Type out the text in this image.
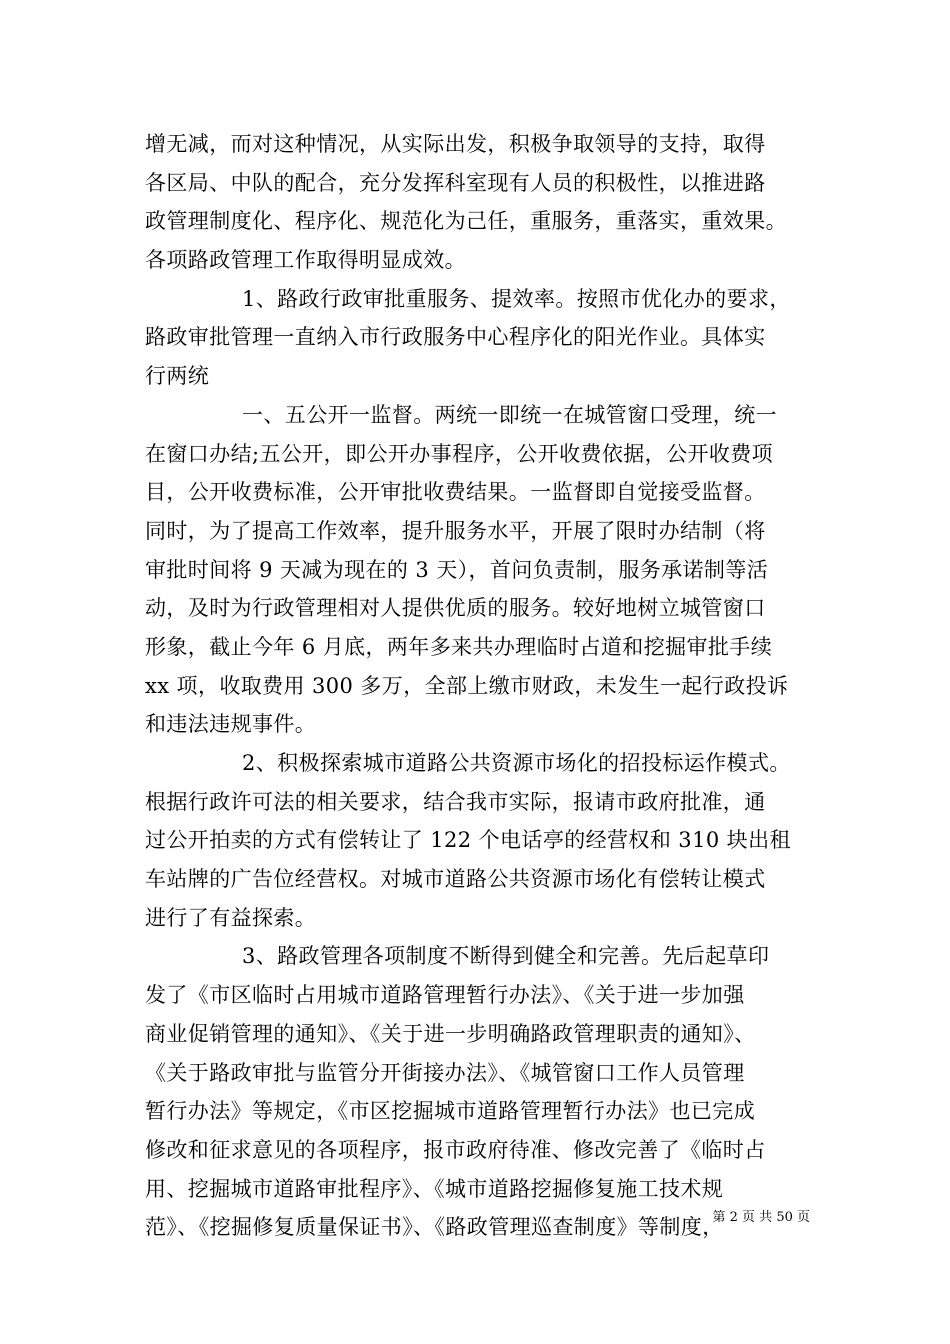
增无减，而对这种情况，从实际出发，积极争取领导的支持，取得
各区局、中队的配合，充分发挥科室现有人员的积极性，以推进路
政管理制度化、程序化、规范化为己任，重服务，重落实，重效果。
各项路政管理工作取得明显成效。
1、路政行政审批重服务、提效率。按照市优化办的要求，
路政审批管理一直纳入市行政服务中心程序化的阳光作业。具体实
行两统
一、五公开一监督。两统一即统一在城管窗口受理，统一
在窗口办结;五公开，即公开办事程序，公开收费依据，公开收费项
目，公开收费标准，公开审批收费结果。一监督即自觉接受监督。
同时，为了提高工作效率，提升服务水平，开展了限时办结制（将
审批时间将 9 天减为现在的 3 天），首问负责制，服务承诺制等活
动，及时为行政管理相对人提供优质的服务。较好地树立城管窗口
形象，截止今年 6 月底，两年多来共办理临时占道和挖掘审批手续
xx 项，收取费用 300 多万，全部上缴市财政，未发生一起行政投诉
和违法违规事件。
2、积极探索城市道路公共资源市场化的招投标运作模式。
根据行政许可法的相关要求，结合我市实际，报请市政府批准，通
过公开拍卖的方式有偿转让了 122 个电话亭的经营权和 310 块出租
车站牌的广告位经营权。对城市道路公共资源市场化有偿转让模式
进行了有益探索。
3、路政管理各项制度不断得到健全和完善。先后起草印
发了《市区临时占用城市道路管理暂行办法》、《关于进一步加强
商业促销管理的通知》、《关于进一步明确路政管理职责的通知》、
《关于路政审批与监管分开街接办法》、《城管窗口工作人员管理
暂行办法》等规定，《市区挖掘城市道路管理暂行办法》也已完成
修改和征求意见的各项程序，报市政府待准、修改完善了《临时占
用、挖掘城市道路审批程序》、《城市道路挖掘修复施工技术规
范》、《挖掘修复质量保证书》、《路政管理巡查制度》等制度，
第 2 页 共 50 页
